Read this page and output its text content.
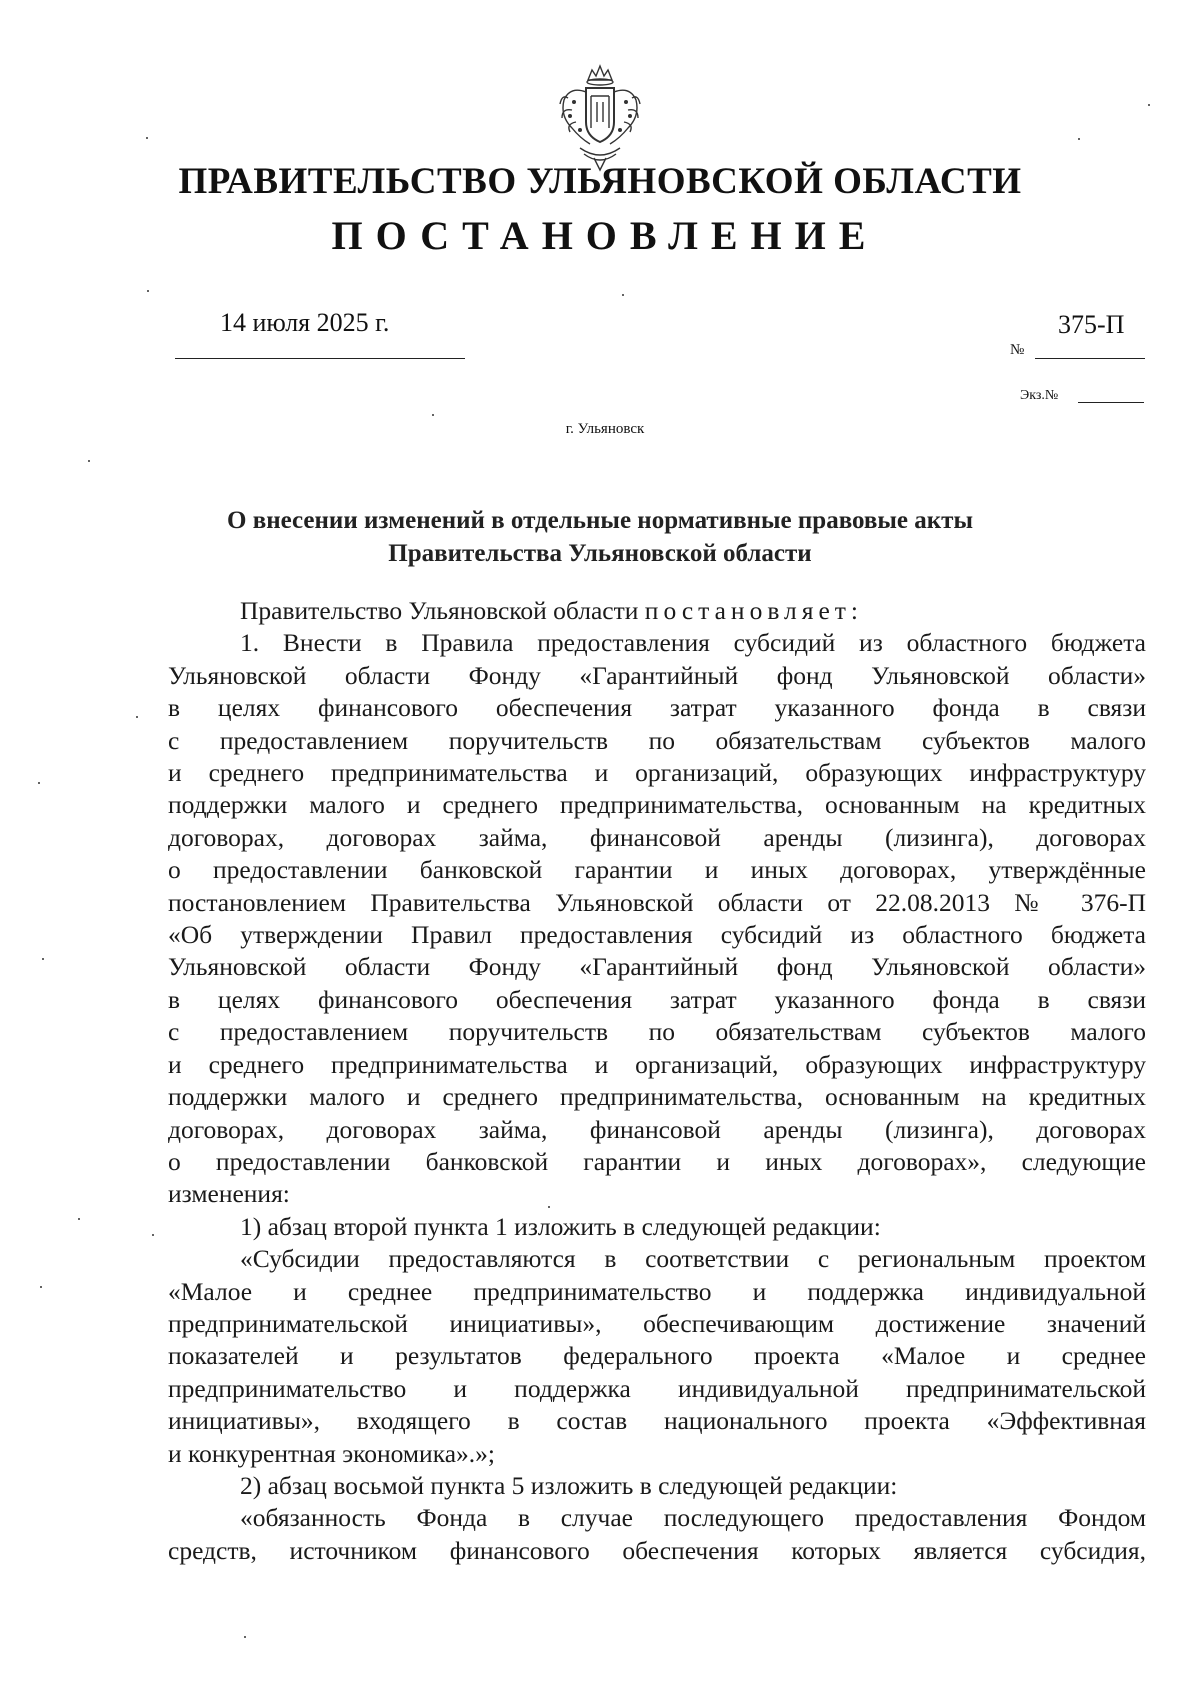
ПРАВИТЕЛЬСТВО УЛЬЯНОВСКОЙ ОБЛАСТИ
ПОСТАНОВЛЕНИЕ
14 июля 2025 г.
№
375-П
Экз.№
г. Ульяновск
О внесении изменений в отдельные нормативные правовые акты
Правительства Ульяновской области

Правительство Ульяновской области постановляет:

1. Внести в Правила предоставления субсидий из областного бюджета

Ульяновской области Фонду «Гарантийный фонд Ульяновской области»

в целях финансового обеспечения затрат указанного фонда в связи

с предоставлением поручительств по обязательствам субъектов малого

и среднего предпринимательства и организаций, образующих инфраструктуру

поддержки малого и среднего предпринимательства, основанным на кредитных

договорах, договорах займа, финансовой аренды (лизинга), договорах

о предоставлении банковской гарантии и иных договорах, утверждённые

постановлением Правительства Ульяновской области от 22.08.2013 № 376-П

«Об утверждении Правил предоставления субсидий из областного бюджета

Ульяновской области Фонду «Гарантийный фонд Ульяновской области»

в целях финансового обеспечения затрат указанного фонда в связи

с предоставлением поручительств по обязательствам субъектов малого

и среднего предпринимательства и организаций, образующих инфраструктуру

поддержки малого и среднего предпринимательства, основанным на кредитных

договорах, договорах займа, финансовой аренды (лизинга), договорах

о предоставлении банковской гарантии и иных договорах», следующие

изменения:

1) абзац второй пункта 1 изложить в следующей редакции:

«Субсидии предоставляются в соответствии с региональным проектом

«Малое и среднее предпринимательство и поддержка индивидуальной

предпринимательской инициативы», обеспечивающим достижение значений

показателей и результатов федерального проекта «Малое и среднее

предпринимательство и поддержка индивидуальной предпринимательской

инициативы», входящего в состав национального проекта «Эффективная

и конкурентная экономика».»;

2) абзац восьмой пункта 5 изложить в следующей редакции:

«обязанность Фонда в случае последующего предоставления Фондом

средств, источником финансового обеспечения которых является субсидия,
